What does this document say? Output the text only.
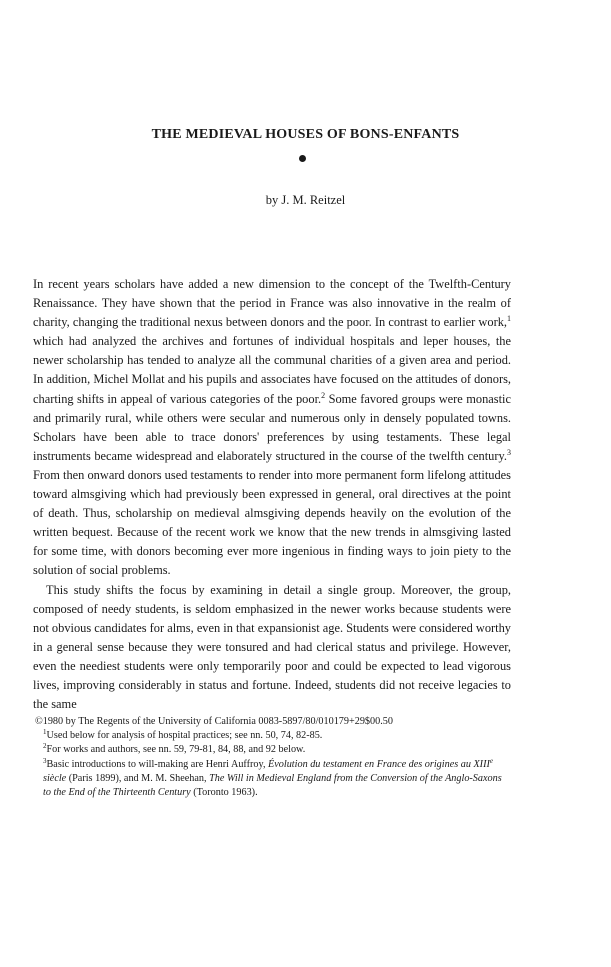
THE MEDIEVAL HOUSES OF BONS-ENFANTS
by J. M. Reitzel

In recent years scholars have added a new dimension to the concept of the Twelfth-Century Renaissance. They have shown that the period in France was also innovative in the realm of charity, changing the traditional nexus between donors and the poor. In contrast to earlier work,$^1$ which had analyzed the archives and fortunes of individual hospitals and leper houses, the newer scholarship has tended to analyze all the communal charities of a given area and period. In addition, Michel Mollat and his pupils and associates have focused on the attitudes of donors, charting shifts in appeal of various categories of the poor.$^2$ Some favored groups were monastic and primarily rural, while others were secular and numerous only in densely populated towns. Scholars have been able to trace donors' preferences by using testaments. These legal instruments became widespread and elaborately structured in the course of the twelfth century.$^3$ From then onward donors used testaments to render into more permanent form lifelong attitudes toward almsgiving which had previously been expressed in general, oral directives at the point of death. Thus, scholarship on medieval almsgiving depends heavily on the evolution of the written bequest. Because of the recent work we know that the new trends in almsgiving lasted for some time, with donors becoming ever more ingenious in finding ways to join piety to the solution of social problems.

This study shifts the focus by examining in detail a single group. Moreover, the group, composed of needy students, is seldom emphasized in the newer works because students were not obvious candidates for alms, even in that expansionist age. Students were considered worthy in a general sense because they were tonsured and had clerical status and privilege. However, even the neediest students were only temporarily poor and could be expected to lead vigorous lives, improving considerably in status and fortune. Indeed, students did not receive legacies to the same

©1980 by The Regents of the University of California 0083-5897/80/010179+29$00.50
$^1$Used below for analysis of hospital practices; see nn. 50, 74, 82-85.
$^2$For works and authors, see nn. 59, 79-81, 84, 88, and 92 below.
$^3$Basic introductions to will-making are Henri Auffroy, Évolution du testament en France des origines au XIIIe siècle (Paris 1899), and M. M. Sheehan, The Will in Medieval England from the Conversion of the Anglo-Saxons to the End of the Thirteenth Century (Toronto 1963).
